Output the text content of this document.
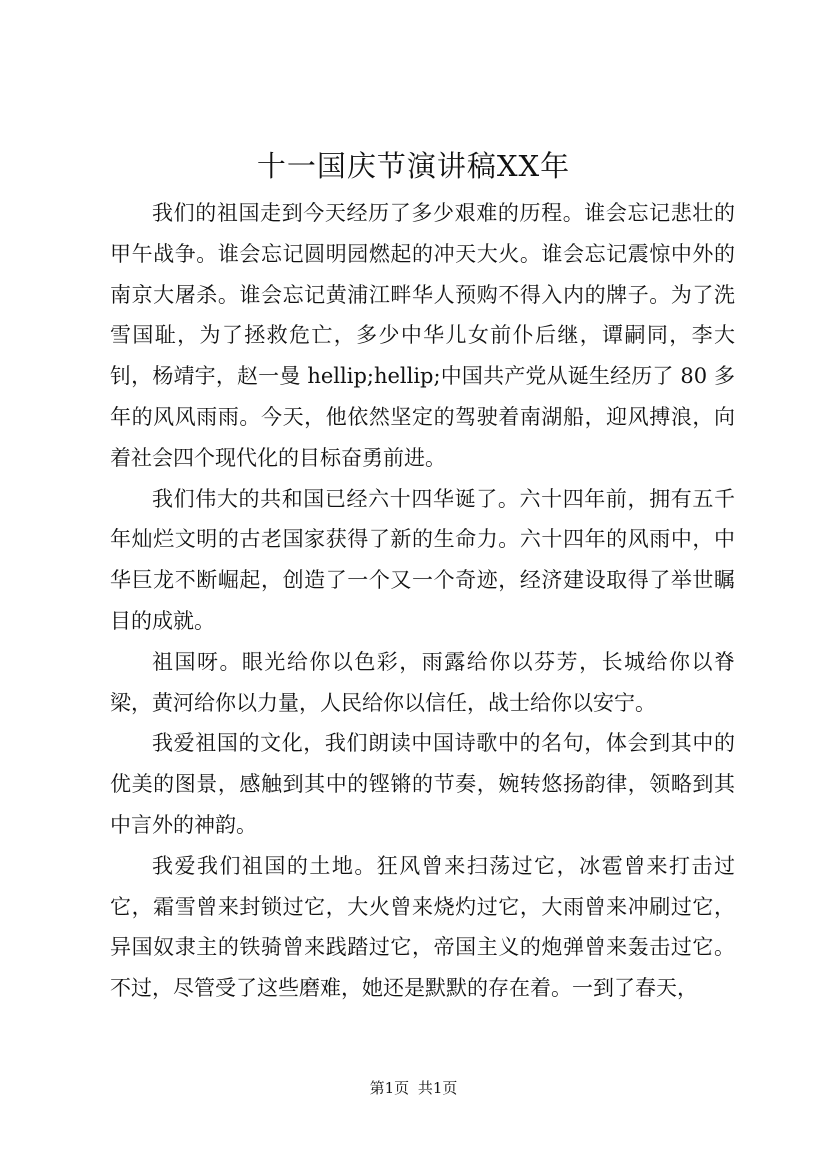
十一国庆节演讲稿XX年

我们的祖国走到今天经历了多少艰难的历程。谁会忘记悲壮的甲午战争。谁会忘记圆明园燃起的冲天大火。谁会忘记震惊中外的南京大屠杀。谁会忘记黄浦江畔华人预购不得入内的牌子。为了洗雪国耻，为了拯救危亡，多少中华儿女前仆后继，谭嗣同，李大钊，杨靖宇，赵一曼 hellip;hellip;中国共产党从诞生经历了 80 多年的风风雨雨。今天，他依然坚定的驾驶着南湖船，迎风搏浪，向着社会四个现代化的目标奋勇前进。

我们伟大的共和国已经六十四华诞了。六十四年前，拥有五千年灿烂文明的古老国家获得了新的生命力。六十四年的风雨中，中华巨龙不断崛起，创造了一个又一个奇迹，经济建设取得了举世瞩目的成就。

祖国呀。眼光给你以色彩，雨露给你以芬芳，长城给你以脊梁，黄河给你以力量，人民给你以信任，战士给你以安宁。

我爱祖国的文化，我们朗读中国诗歌中的名句，体会到其中的优美的图景，感触到其中的铿锵的节奏，婉转悠扬韵律，领略到其中言外的神韵。

我爱我们祖国的土地。狂风曾来扫荡过它，冰雹曾来打击过它，霜雪曾来封锁过它，大火曾来烧灼过它，大雨曾来冲刷过它，异国奴隶主的铁骑曾来践踏过它，帝国主义的炮弹曾来轰击过它。不过，尽管受了这些磨难，她还是默默的存在着。一到了春天，

第1页 共1页
